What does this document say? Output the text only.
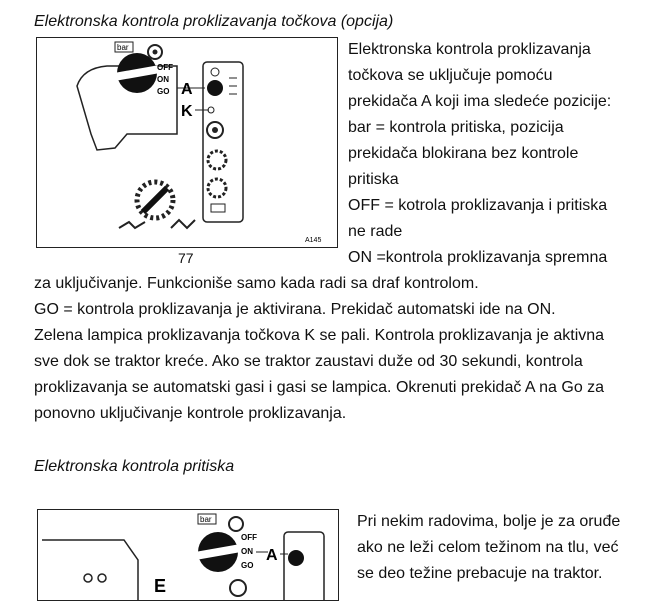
Elektronska kontrola proklizavanja točkova (opcija)
bar
OFF
ON
GO A
K
A145
77
Elektronska kontrola proklizavanja
točkova se uključuje pomoću
prekidača A koji ima sledeće pozicije:
bar = kontrola pritiska, pozicija
prekidača blokirana bez kontrole
pritiska
OFF = kotrola proklizavanja i pritiska
ne rade
ON =kontrola proklizavanja spremna
za uključivanje. Funkcioniše samo kada radi sa draf kontrolom.
GO = kontrola proklizavanja je aktivirana. Prekidač automatski ide na ON.
Zelena lampica proklizavanja točkova K se pali. Kontrola proklizavanja je aktivna
sve dok se traktor kreće. Ako se traktor zaustavi duže od 30 sekundi, kontrola
proklizavanja se automatski gasi i gasi se lampica. Okrenuti prekidač A na Go za
ponovno uključivanje kontrole proklizavanja.
Elektronska kontrola pritiska
bar
OFF
ON
GO
A
E
Pri nekim radovima, bolje je za oruđe
ako ne leži celom težinom na tlu, već
se deo težine prebacuje na traktor.
